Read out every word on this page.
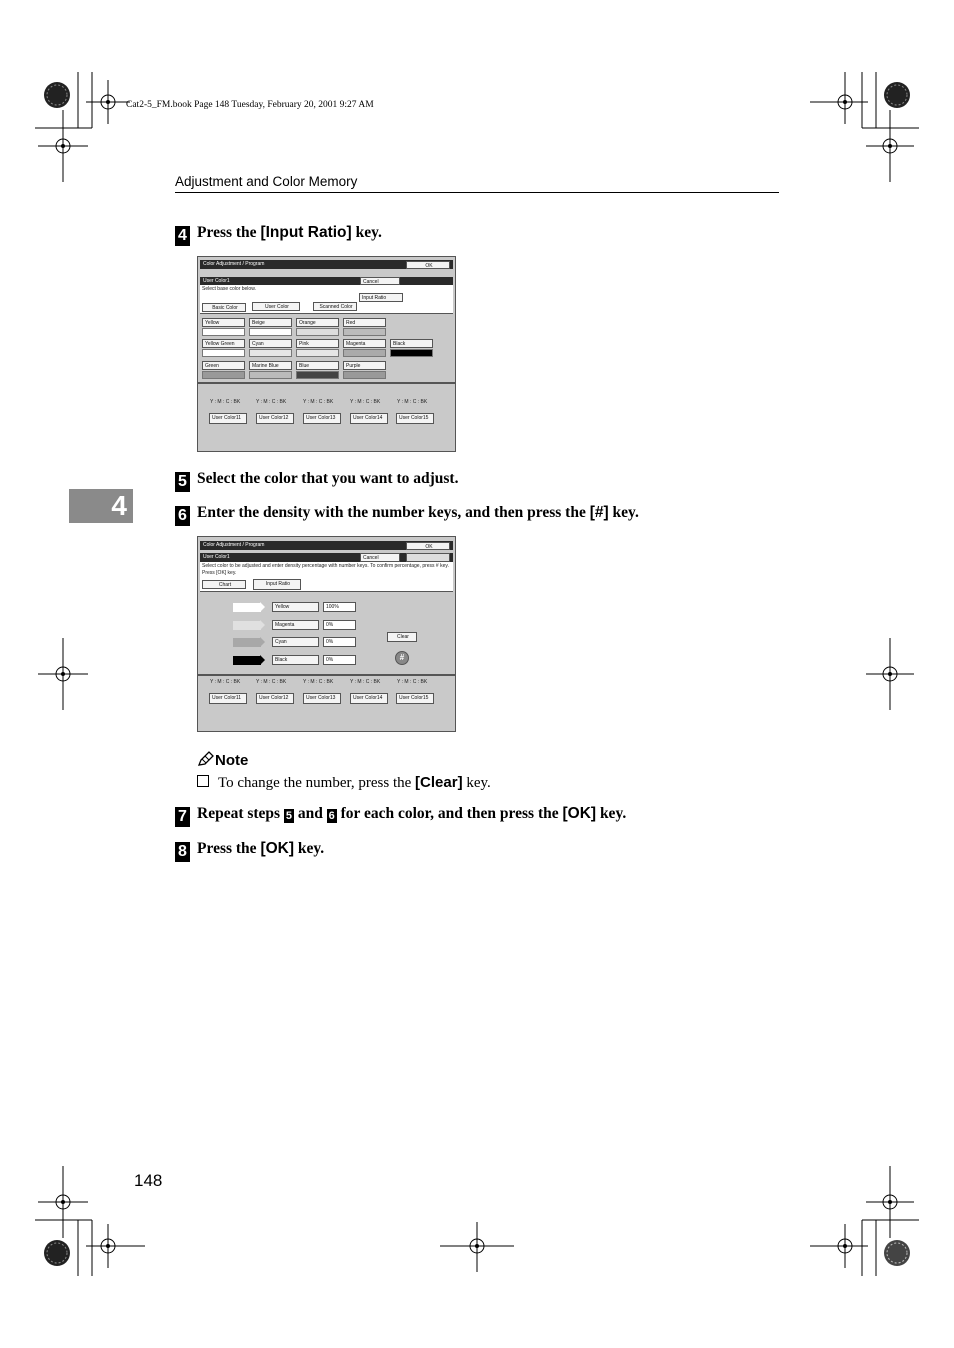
Cat2-5_FM.book Page 148 Tuesday, February 20, 2001 9:27 AM
Adjustment and Color Memory
4
4 Press the [Input Ratio] key.
Color Adjustment / Program	OK
User Color1	Cancel
Select base color below.
Input Ratio
Basic Color	User Color	Scanned Color
Yellow	Beige	Orange	Red
Yellow Green	Cyan	Pink	Magenta	Black
Green	Marine Blue	Blue	Purple
Y : M : C : BK	Y : M : C : BK	Y : M : C : BK	Y : M : C : BK	Y : M : C : BK
User Color11	User Color12	User Color13	User Color14	User Color15
5 Select the color that you want to adjust.
6 Enter the density with the number keys, and then press the [#] key.
Color Adjustment / Program	OK
User Color1	Cancel
Select color to be adjusted and enter density percentage with number keys. To confirm percentage, press # key.
Press [OK] key.
Chart	Input Ratio
Yellow	100%
Magenta	0%
Cyan	0%
Black	0%
Clear
#
Y : M : C : BK	Y : M : C : BK	Y : M : C : BK	Y : M : C : BK	Y : M : C : BK
User Color11	User Color12	User Color13	User Color14	User Color15
Note
To change the number, press the [Clear] key.
7 Repeat steps 5 and 6 for each color, and then press the [OK] key.
8 Press the [OK] key.
148
